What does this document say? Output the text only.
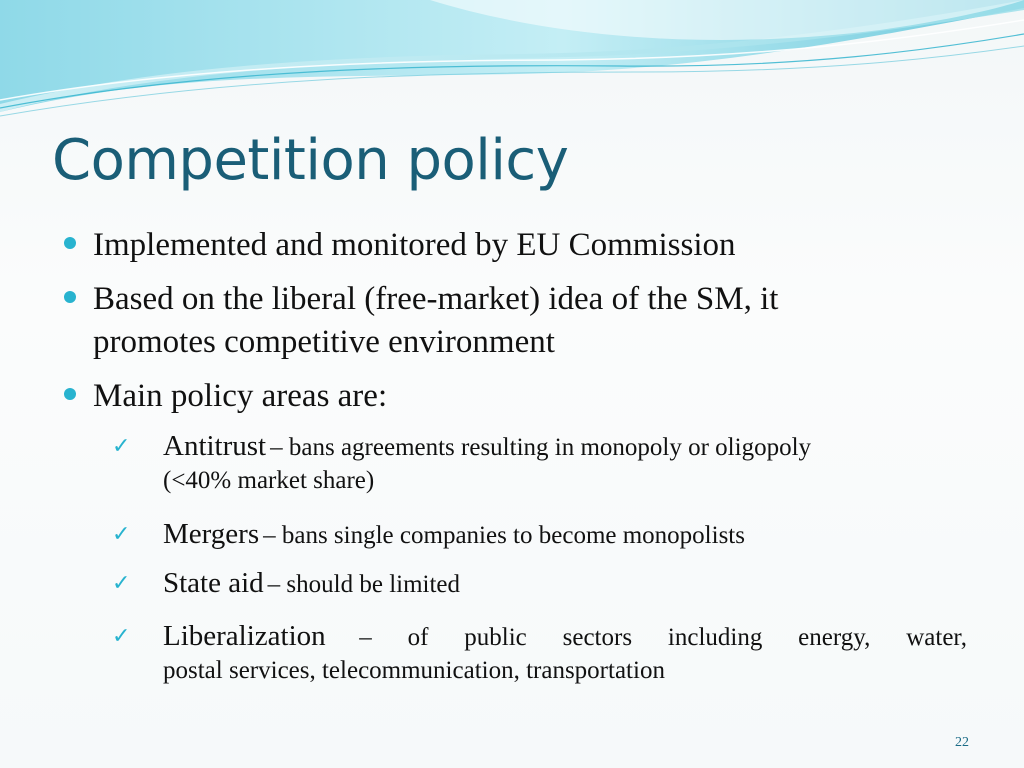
Competition policy
Implemented and monitored by EU Commission
Based on the liberal (free-market) idea of the SM, it
promotes competitive environment
Main policy areas are:
✓ Antitrust – bans agreements resulting in monopoly or oligopoly
(<40% market share)
✓ Mergers – bans single companies to become monopolists
✓ State aid – should be limited
✓ Liberalization – of public sectors including energy, water,
postal services, telecommunication, transportation
22
